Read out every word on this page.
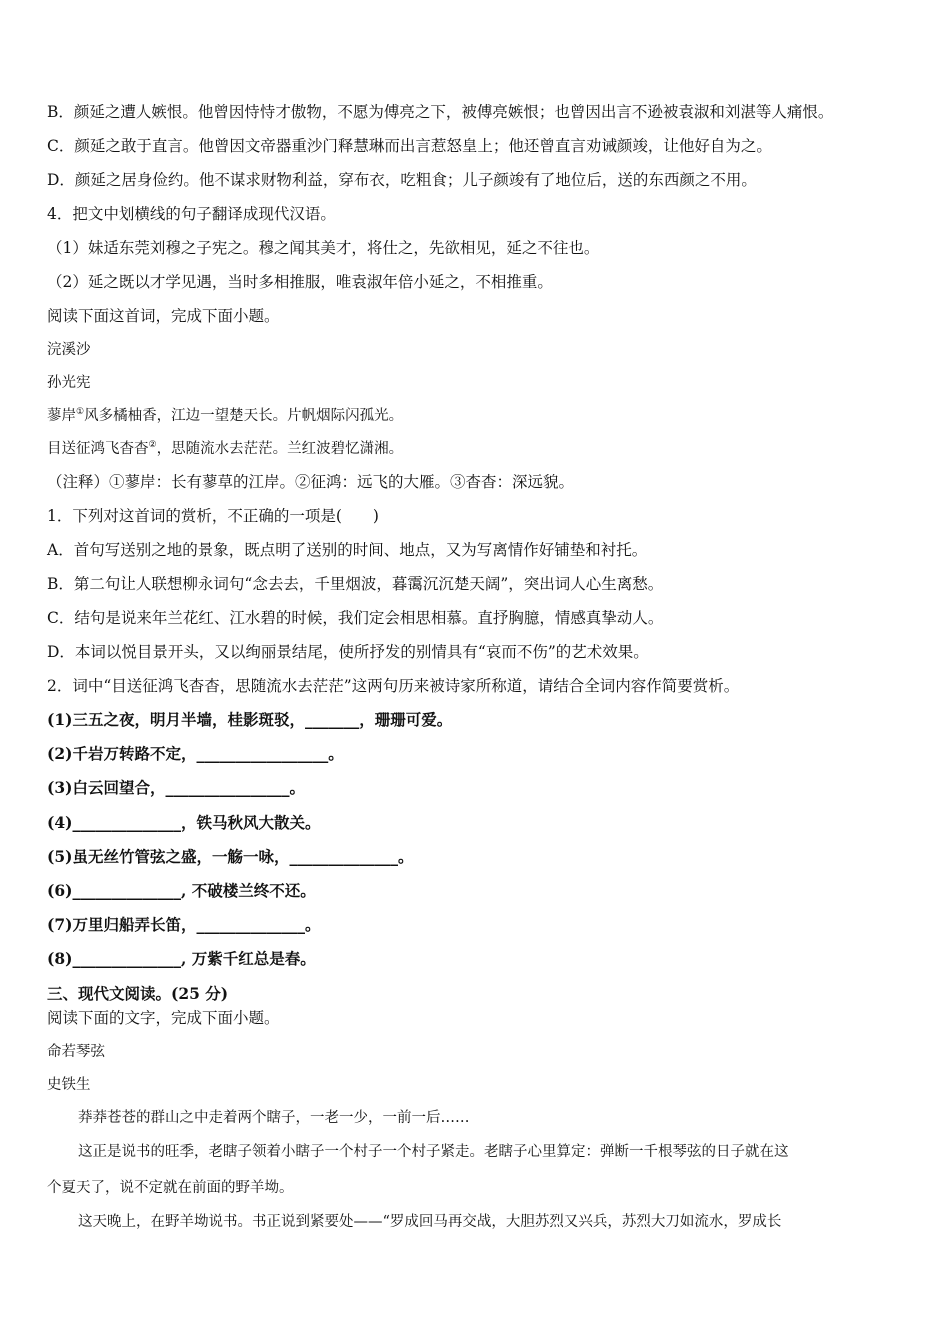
B．颜延之遭人嫉恨。他曾因恃恃才傲物，不愿为傅亮之下，被傅亮嫉恨；也曾因出言不逊被袁淑和刘湛等人痛恨。
C．颜延之敢于直言。他曾因文帝器重沙门释慧琳而出言惹怒皇上；他还曾直言劝诫颜竣，让他好自为之。
D．颜延之居身俭约。他不谋求财物利益，穿布衣，吃粗食；儿子颜竣有了地位后，送的东西颜之不用。
4．把文中划横线的句子翻译成现代汉语。
（1）妹适东莞刘穆之子宪之。穆之闻其美才，将仕之，先欲相见，延之不往也。
（2）延之既以才学见遇，当时多相推服，唯袁淑年倍小延之，不相推重。
阅读下面这首词，完成下面小题。
浣溪沙
孙光宪
蓼岸①风多橘柚香，江边一望楚天长。片帆烟际闪孤光。
目送征鸿飞杳杳②，思随流水去茫茫。兰红波碧忆潇湘。
（注释）①蓼岸：长有蓼草的江岸。②征鸿：远飞的大雁。③杳杳：深远貌。
1．下列对这首词的赏析，不正确的一项是(　　)
A．首句写送别之地的景象，既点明了送别的时间、地点，又为写离情作好铺垫和衬托。
B．第二句让人联想柳永词句“念去去，千里烟波，暮霭沉沉楚天阔”，突出词人心生离愁。
C．结句是说来年兰花红、江水碧的时候，我们定会相思相慕。直抒胸臆，情感真挚动人。
D．本词以悦目景开头，又以绚丽景结尾，使所抒发的别情具有“哀而不伤”的艺术效果。
2．词中“目送征鸿飞杳杳，思随流水去茫茫”这两句历来被诗家所称道，请结合全词内容作简要赏析。
(1)三五之夜，明月半墙，桂影斑驳，_______，珊珊可爱。
(2)千岩万转路不定，_________________。
(3)白云回望合，________________。
(4)______________，铁马秋风大散关。
(5)虽无丝竹管弦之盛，一觞一咏，______________。
(6)______________, 不破楼兰终不还。
(7)万里归船弄长笛，______________。
(8)______________, 万紫千红总是春。
三、现代文阅读。(25 分)
阅读下面的文字，完成下面小题。
命若琴弦
史铁生
莽莽苍苍的群山之中走着两个瞎子，一老一少，一前一后……
这正是说书的旺季，老瞎子领着小瞎子一个村子一个村子紧走。老瞎子心里算定：弹断一千根琴弦的日子就在这
个夏天了，说不定就在前面的野羊坳。
这天晚上，在野羊坳说书。书正说到紧要处——“罗成回马再交战，大胆苏烈又兴兵，苏烈大刀如流水，罗成长
